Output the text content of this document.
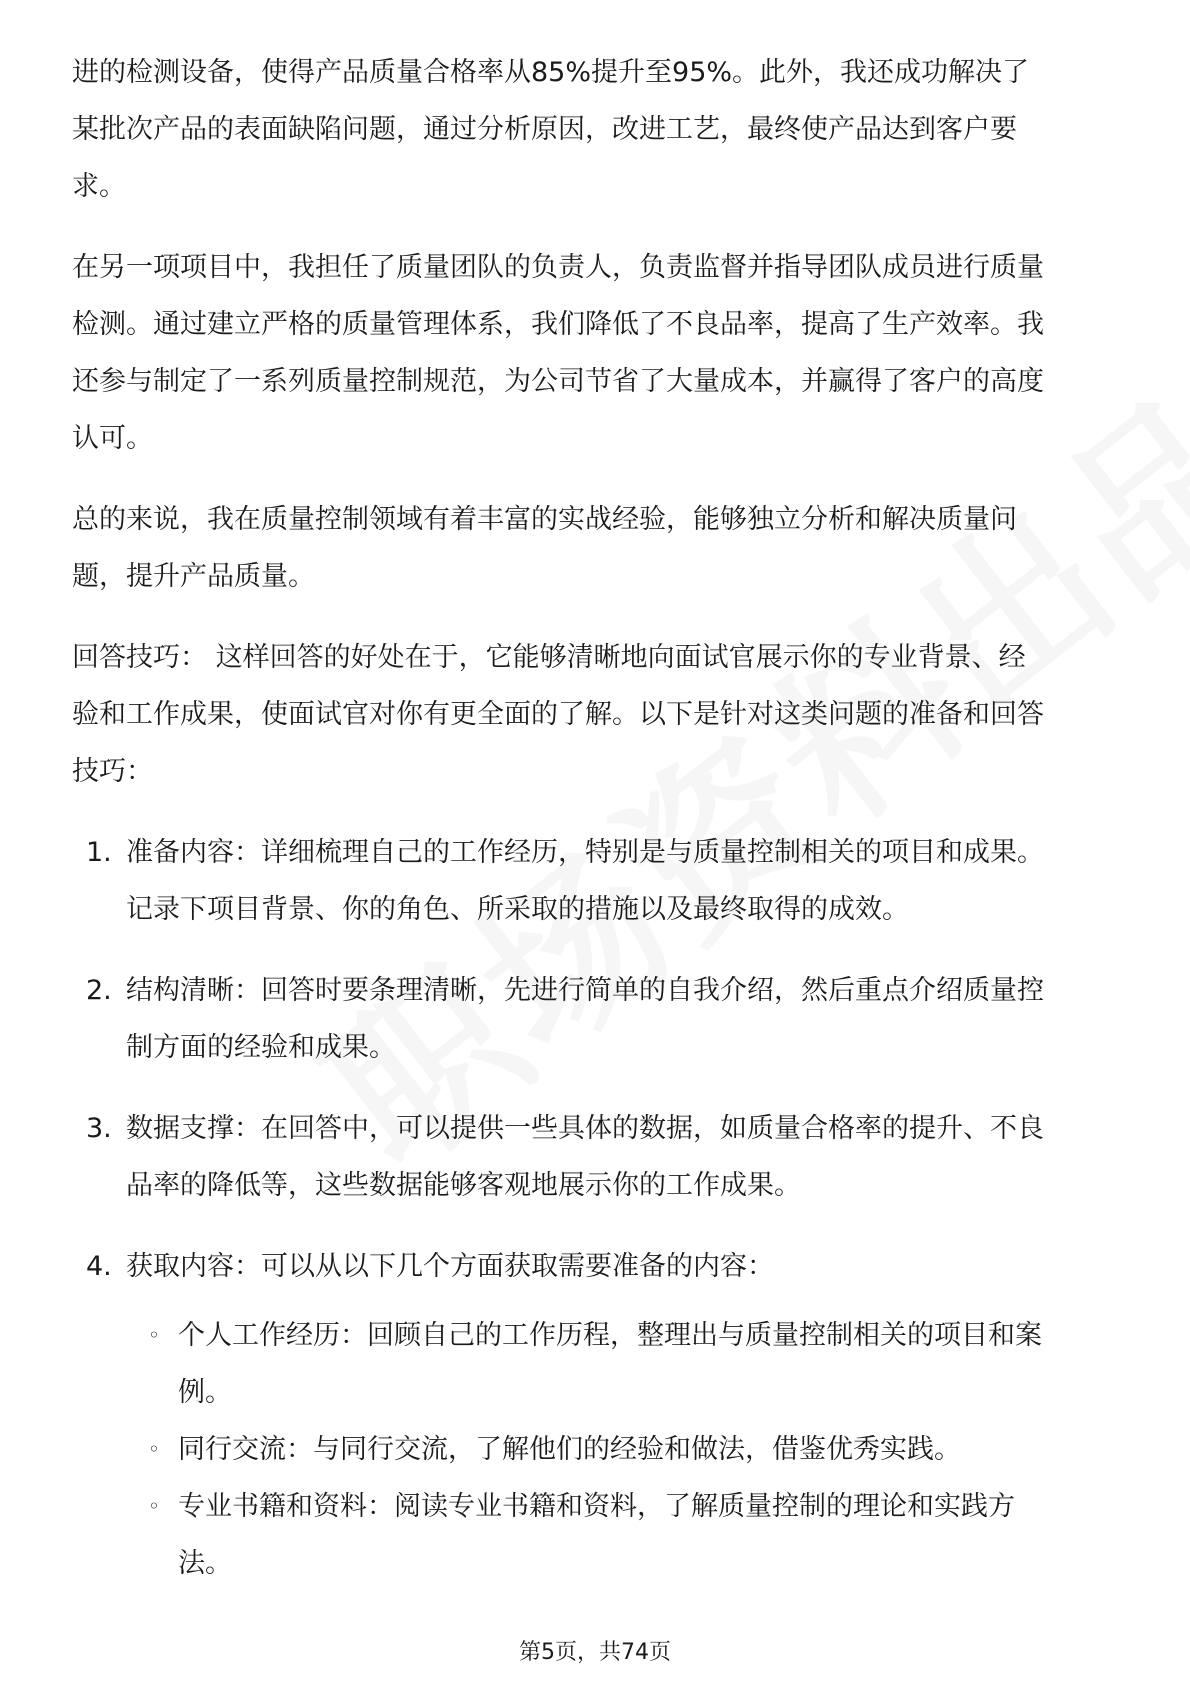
进的检测设备，使得产品质量合格率从85%提升至95%。此外，我还成功解决了某批次产品的表面缺陷问题，通过分析原因，改进工艺，最终使产品达到客户要求。

在另一项项目中，我担任了质量团队的负责人，负责监督并指导团队成员进行质量检测。通过建立严格的质量管理体系，我们降低了不良品率，提高了生产效率。我还参与制定了一系列质量控制规范，为公司节省了大量成本，并赢得了客户的高度认可。

总的来说，我在质量控制领域有着丰富的实战经验，能够独立分析和解决质量问题，提升产品质量。

回答技巧： 这样回答的好处在于，它能够清晰地向面试官展示你的专业背景、经验和工作成果，使面试官对你有更全面的了解。以下是针对这类问题的准备和回答技巧：

1. 准备内容：详细梳理自己的工作经历，特别是与质量控制相关的项目和成果。记录下项目背景、你的角色、所采取的措施以及最终取得的成效。

2. 结构清晰：回答时要条理清晰，先进行简单的自我介绍，然后重点介绍质量控制方面的经验和成果。

3. 数据支撑：在回答中，可以提供一些具体的数据，如质量合格率的提升、不良品率的降低等，这些数据能够客观地展示你的工作成果。

4. 获取内容：可以从以下几个方面获取需要准备的内容：

◦ 个人工作经历：回顾自己的工作历程，整理出与质量控制相关的项目和案例。

◦ 同行交流：与同行交流，了解他们的经验和做法，借鉴优秀实践。

◦ 专业书籍和资料：阅读专业书籍和资料，了解质量控制的理论和实践方法。

第5页，共74页
